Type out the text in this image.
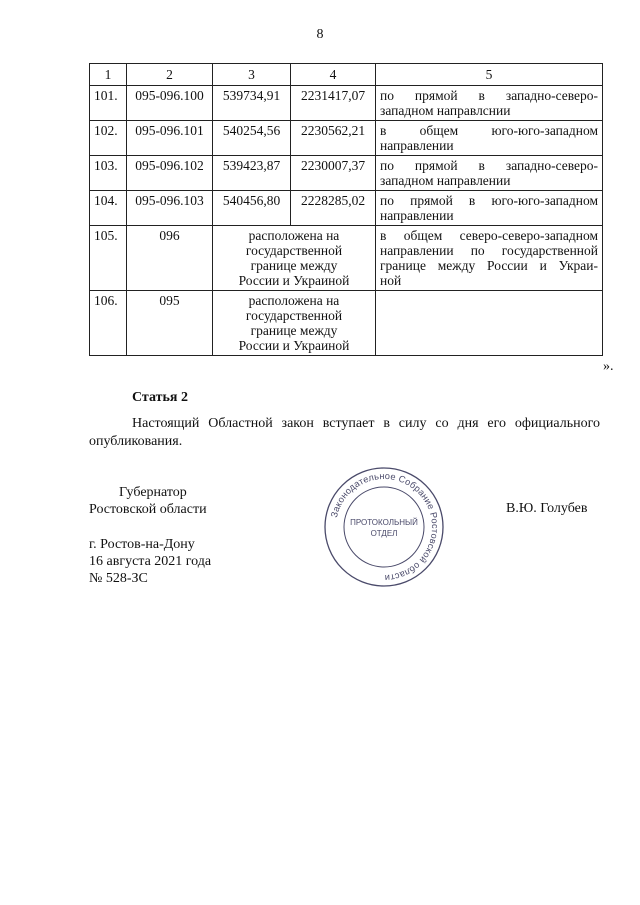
8
1	2	3	4	5
101.	095-096.100	539734,91	2231417,07	по прямой в западно-северо-
западном направлснии

102.	095-096.101	540254,56	2230562,21	в общем юго-юго-западном
направлении

103.	095-096.102	539423,87	2230007,37	по прямой в западно-северо-
западном направлении

104.	095-096.103	540456,80	2228285,02	по прямой в юго-юго-западном
направлении

105.	096	расположена на
государственной
границе между
России и Украиной		в общем северо-северо-западном
направлении по государственной
границе между России и Украи-
ной

106.	095	расположена на
государственной
границе между
России и Украиной		

».
Статья 2
Настоящий Областной закон вступает в силу со дня его официального опубликования.
Губернатор
Ростовской области	В.Ю. Голубев
г. Ростов-на-Дону
16 августа 2021 года
№ 528-ЗС
Законодательное Собрание Ростовской области
ПРОТОКОЛЬНЫЙ
ОТДЕЛ
